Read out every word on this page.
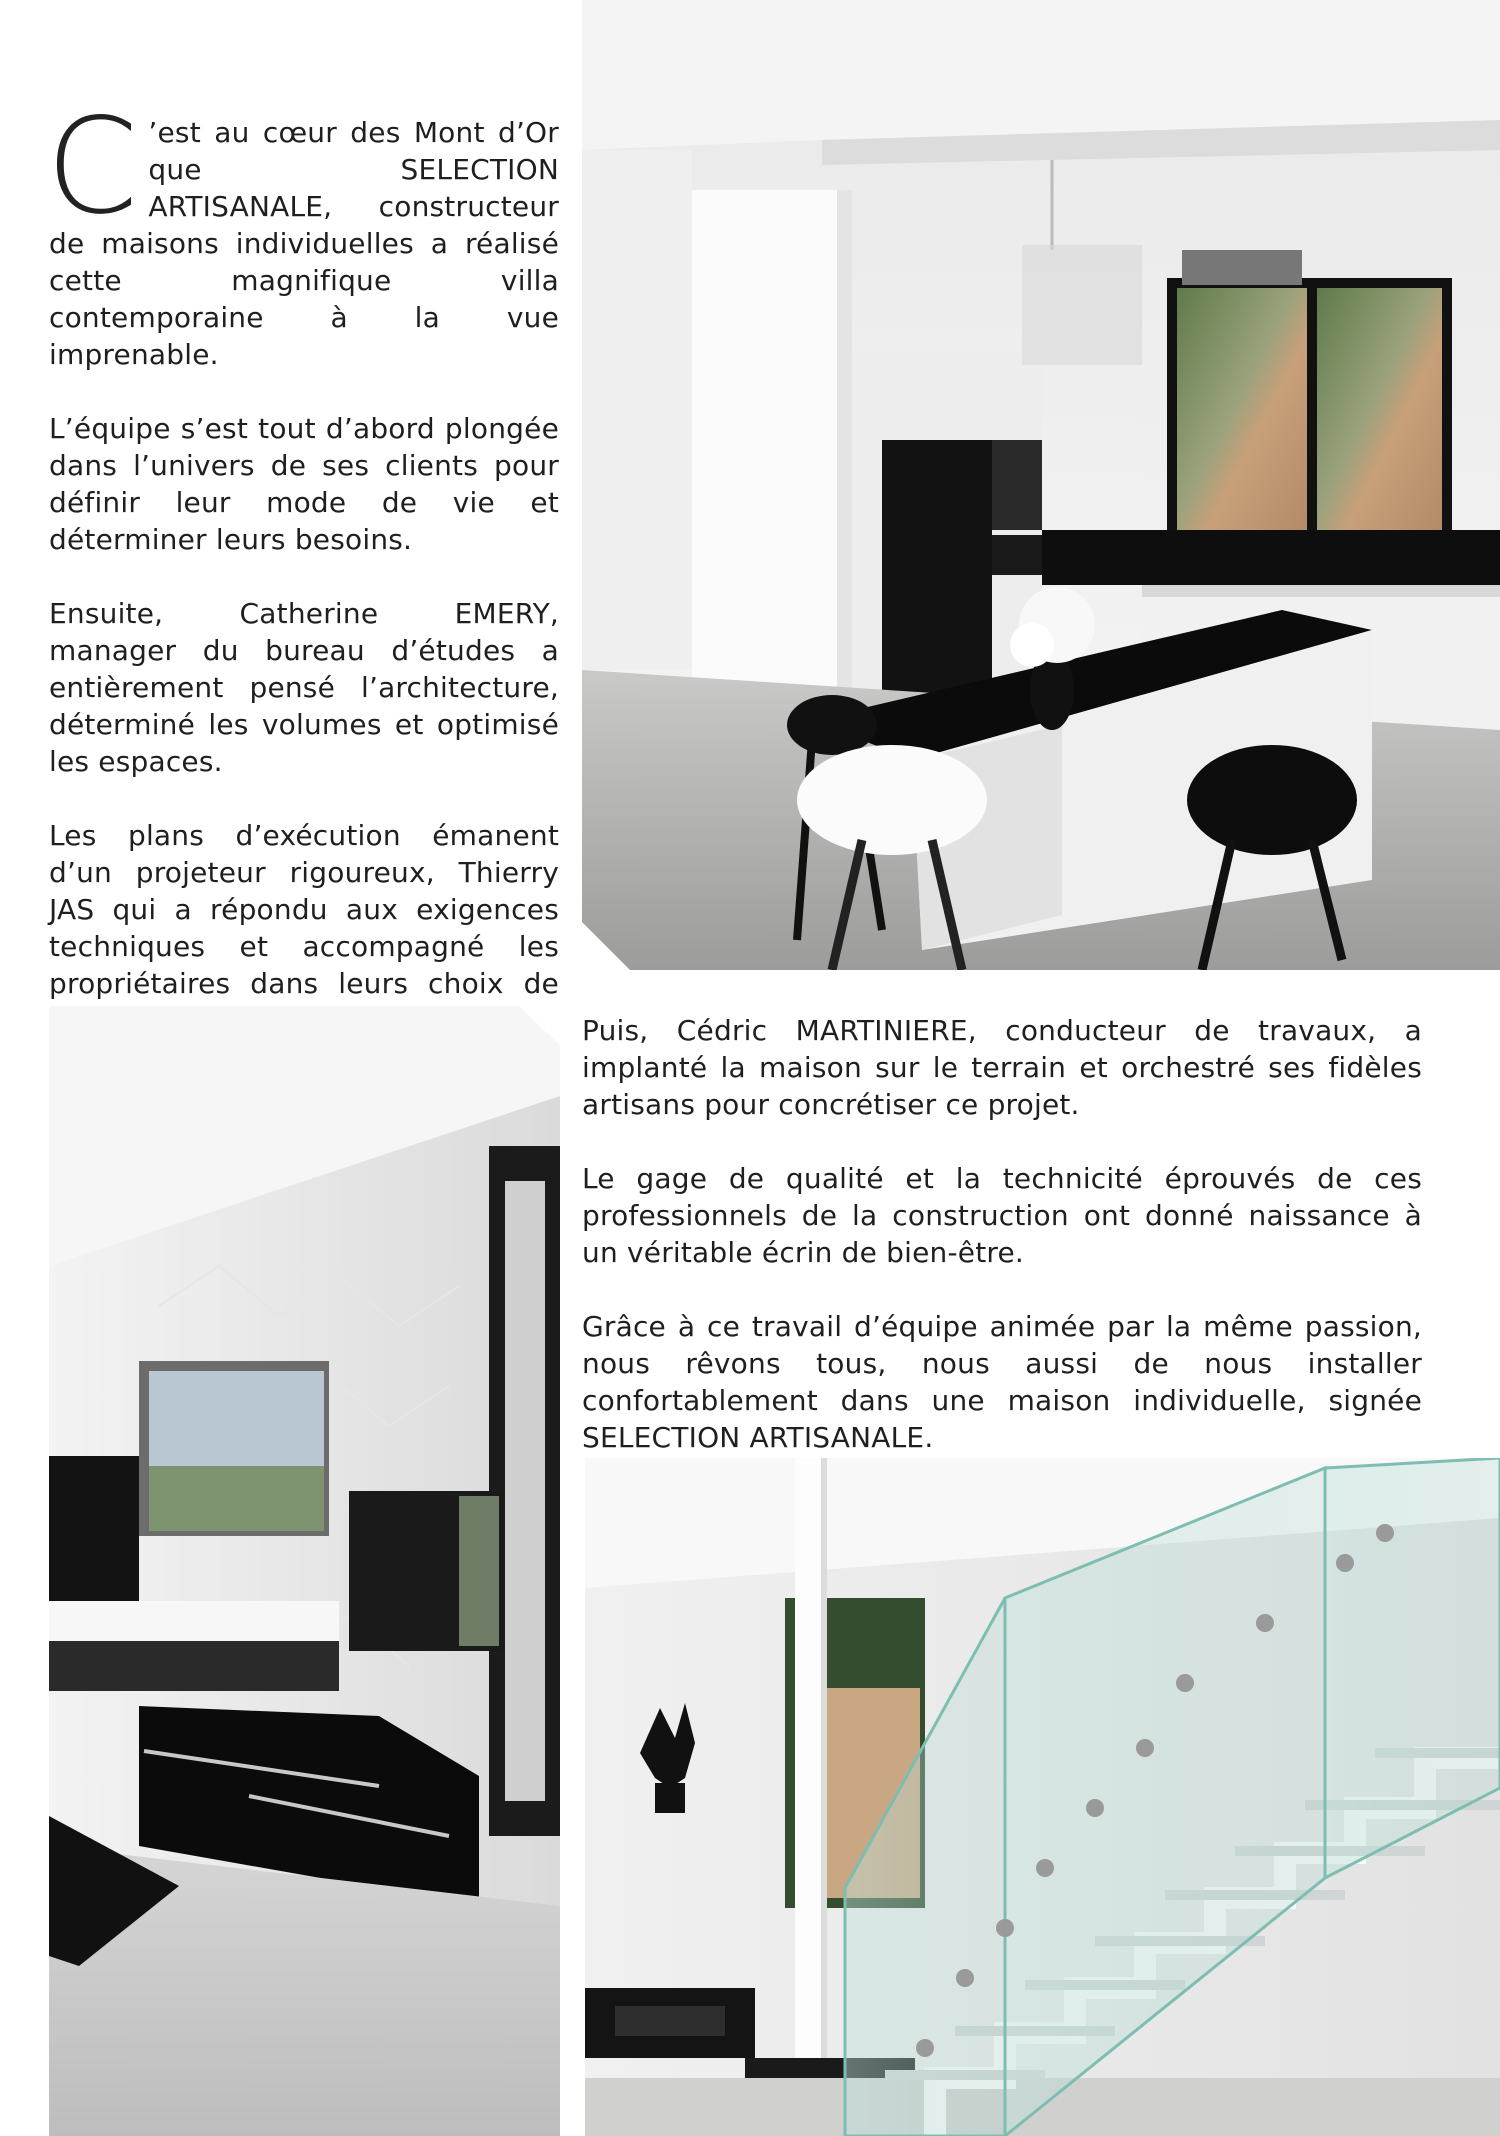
C ’est au cœur des Mont d’Or que SELECTION ARTISANALE, constructeur de maisons individuelles a réalisé cette magnifique villa contemporaine à la vue imprenable.

L’équipe s’est tout d’abord plongée dans l’univers de ses clients pour définir leur mode de vie et déterminer leurs besoins.

Ensuite, Catherine EMERY, manager du bureau d’études a entièrement pensé l’architecture, déterminé les volumes et optimisé les espaces.

Les plans d’exécution émanent d’un projeteur rigoureux, Thierry JAS qui a répondu aux exigences techniques et accompagné les propriétaires dans leurs choix de

Puis, Cédric MARTINIERE, conducteur de travaux, a implanté la maison sur le terrain et orchestré ses fidèles artisans pour concrétiser ce projet.

Le gage de qualité et la technicité éprouvés de ces professionnels de la construction ont donné naissance à un véritable écrin de bien-être.

Grâce à ce travail d’équipe animée par la même passion, nous rêvons tous, nous aussi de nous installer confortablement dans une maison individuelle, signée SELECTION ARTISANALE.
